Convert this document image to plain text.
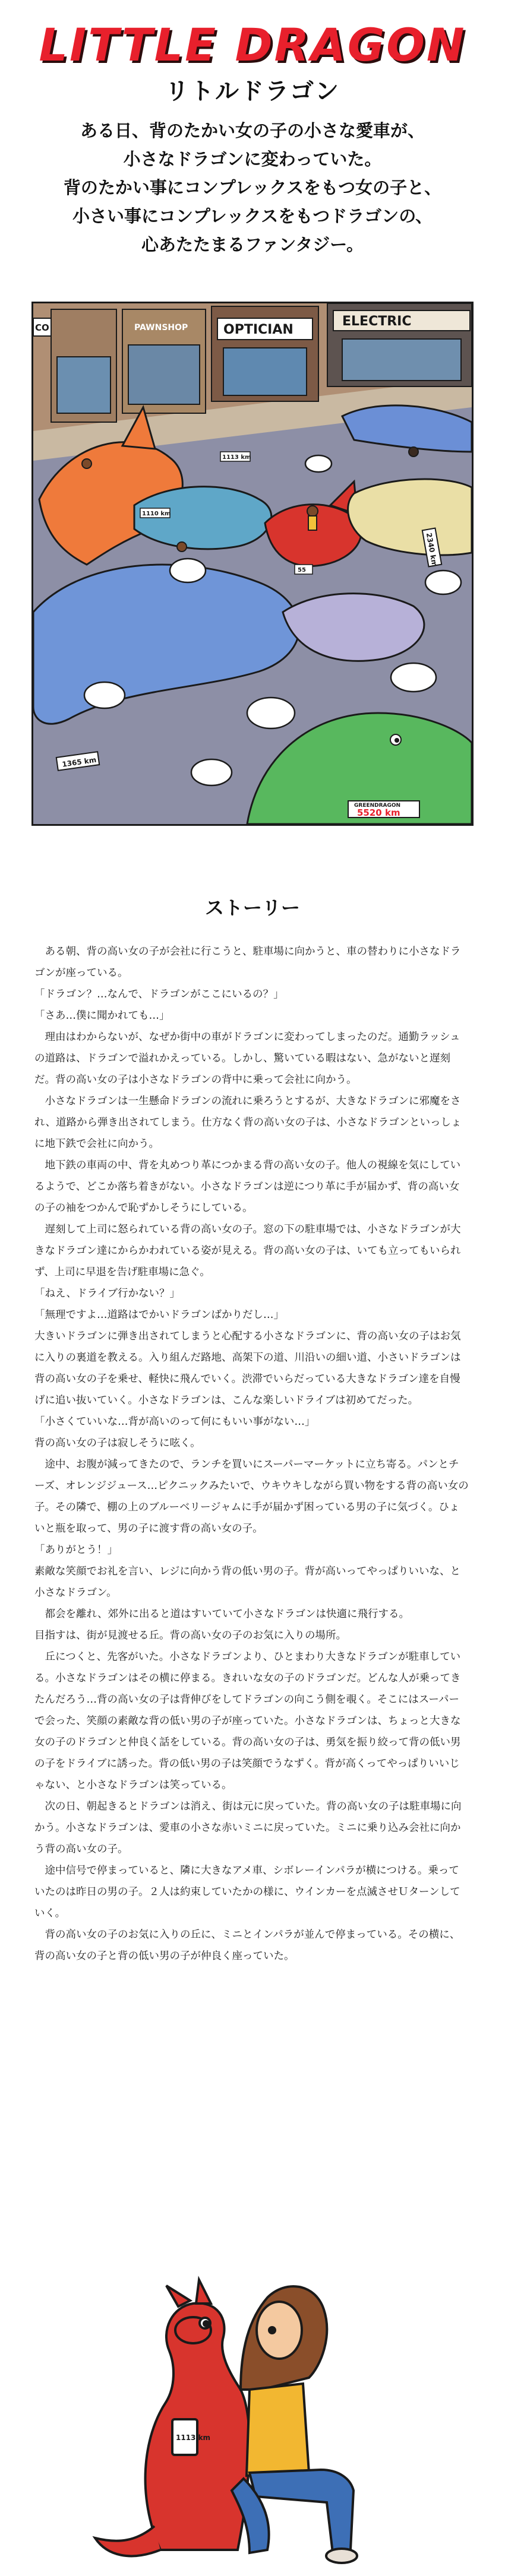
LITTLE DRAGON
リトルドラゴン
ある日、背のたかい女の子の小さな愛車が、
小さなドラゴンに変わっていた。
背のたかい事にコンプレックスをもつ女の子と、
小さい事にコンプレックスをもつドラゴンの、
心あたたまるファンタジー。
CO	PAWNSHOP	OPTICIAN
ELECTRIC
1365 km
2340 km
GREENDRAGON
5520 km
1113 km
1110 km
55
ストーリー

ある朝、背の高い女の子が会社に行こうと、駐車場に向かうと、車の替わりに小さなドラゴンが座っている。

「ドラゴン？…なんで、ドラゴンがここにいるの？」

「さあ…僕に聞かれても…」

理由はわからないが、なぜか街中の車がドラゴンに変わってしまったのだ。通勤ラッシュの道路は、ドラゴンで溢れかえっている。しかし、驚いている暇はない、急がないと遅刻だ。背の高い女の子は小さなドラゴンの背中に乗って会社に向かう。

小さなドラゴンは一生懸命ドラゴンの流れに乗ろうとするが、大きなドラゴンに邪魔をされ、道路から弾き出されてしまう。仕方なく背の高い女の子は、小さなドラゴンといっしょに地下鉄で会社に向かう。

地下鉄の車両の中、背を丸めつり革につかまる背の高い女の子。他人の視線を気にしているようで、どこか落ち着きがない。小さなドラゴンは逆につり革に手が届かず、背の高い女の子の袖をつかんで恥ずかしそうにしている。

遅刻して上司に怒られている背の高い女の子。窓の下の駐車場では、小さなドラゴンが大きなドラゴン達にからかわれている姿が見える。背の高い女の子は、いても立ってもいられず、上司に早退を告げ駐車場に急ぐ。

「ねえ、ドライブ行かない？」

「無理ですよ…道路はでかいドラゴンばかりだし…」

大きいドラゴンに弾き出されてしまうと心配する小さなドラゴンに、背の高い女の子はお気に入りの裏道を教える。入り組んだ路地、高架下の道、川沿いの細い道、小さいドラゴンは背の高い女の子を乗せ、軽快に飛んでいく。渋滞でいらだっている大きなドラゴン達を自慢げに追い抜いていく。小さなドラゴンは、こんな楽しいドライブは初めてだった。

「小さくていいな…背が高いのって何にもいい事がない…」

背の高い女の子は寂しそうに呟く。

途中、お腹が減ってきたので、ランチを買いにスーパーマーケットに立ち寄る。パンとチーズ、オレンジジュース…ピクニックみたいで、ウキウキしながら買い物をする背の高い女の子。その隣で、棚の上のブルーベリージャムに手が届かず困っている男の子に気づく。ひょいと瓶を取って、男の子に渡す背の高い女の子。

「ありがとう！」

素敵な笑顔でお礼を言い、レジに向かう背の低い男の子。背が高いってやっぱりいいな、と小さなドラゴン。

都会を離れ、郊外に出ると道はすいていて小さなドラゴンは快適に飛行する。

目指すは、街が見渡せる丘。背の高い女の子のお気に入りの場所。

丘につくと、先客がいた。小さなドラゴンより、ひとまわり大きなドラゴンが駐車している。小さなドラゴンはその横に停まる。きれいな女の子のドラゴンだ。どんな人が乗ってきたんだろう…背の高い女の子は背伸びをしてドラゴンの向こう側を覗く。そこにはスーパーで会った、笑顔の素敵な背の低い男の子が座っていた。小さなドラゴンは、ちょっと大きな女の子のドラゴンと仲良く話をしている。背の高い女の子は、勇気を振り絞って背の低い男の子をドライブに誘った。背の低い男の子は笑顔でうなずく。背が高くってやっぱりいいじゃない、と小さなドラゴンは笑っている。

次の日、朝起きるとドラゴンは消え、街は元に戻っていた。背の高い女の子は駐車場に向かう。小さなドラゴンは、愛車の小さな赤いミニに戻っていた。ミニに乗り込み会社に向かう背の高い女の子。

途中信号で停まっていると、隣に大きなアメ車、シボレーインパラが横につける。乗っていたのは昨日の男の子。２人は約束していたかの様に、ウインカーを点滅させＵターンしていく。

背の高い女の子のお気に入りの丘に、ミニとインパラが並んで停まっている。その横に、背の高い女の子と背の低い男の子が仲良く座っていた。

1113 km
